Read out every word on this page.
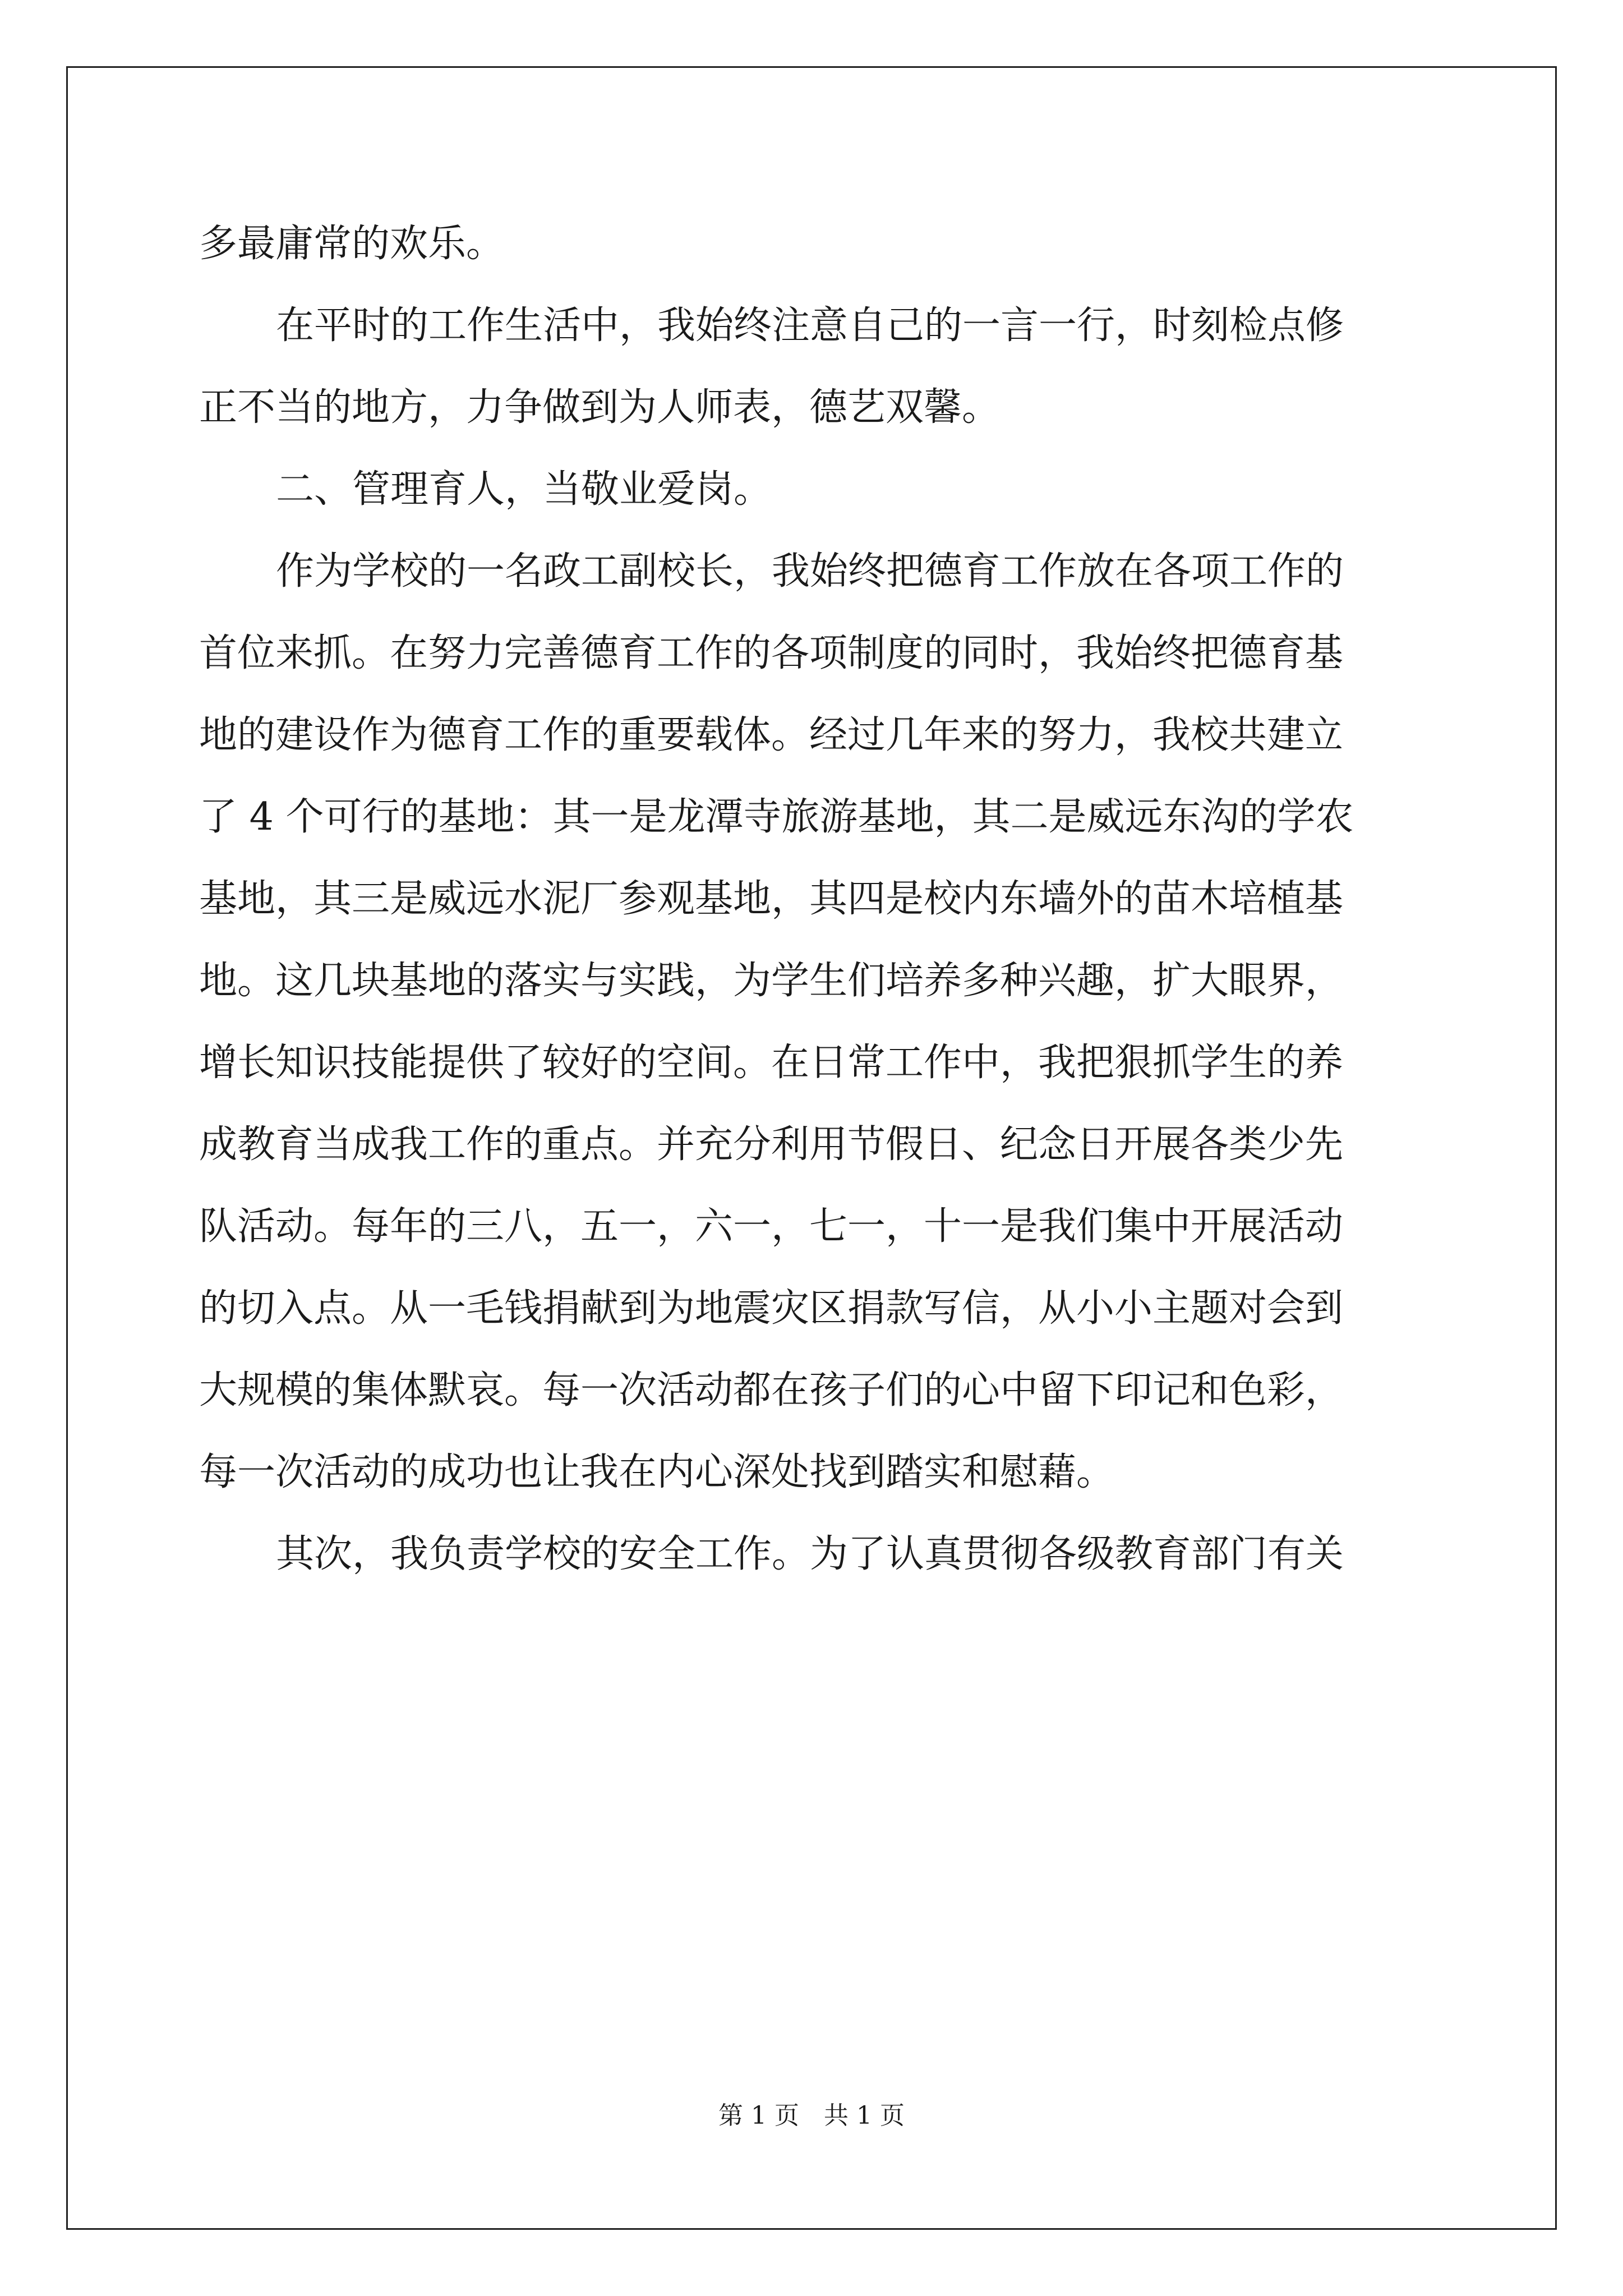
多最庸常的欢乐。
在平时的工作生活中，我始终注意自己的一言一行，时刻检点修
正不当的地方，力争做到为人师表，德艺双馨。
二、管理育人，当敬业爱岗。
作为学校的一名政工副校长，我始终把德育工作放在各项工作的
首位来抓。在努力完善德育工作的各项制度的同时，我始终把德育基
地的建设作为德育工作的重要载体。经过几年来的努力，我校共建立
了 4 个可行的基地：其一是龙潭寺旅游基地，其二是威远东沟的学农
基地，其三是威远水泥厂参观基地，其四是校内东墙外的苗木培植基
地。这几块基地的落实与实践，为学生们培养多种兴趣，扩大眼界，
增长知识技能提供了较好的空间。在日常工作中，我把狠抓学生的养
成教育当成我工作的重点。并充分利用节假日、纪念日开展各类少先
队活动。每年的三八，五一，六一，七一，十一是我们集中开展活动
的切入点。从一毛钱捐献到为地震灾区捐款写信，从小小主题对会到
大规模的集体默哀。每一次活动都在孩子们的心中留下印记和色彩，
每一次活动的成功也让我在内心深处找到踏实和慰藉。
其次，我负责学校的安全工作。为了认真贯彻各级教育部门有关
第 1 页　共 1 页
